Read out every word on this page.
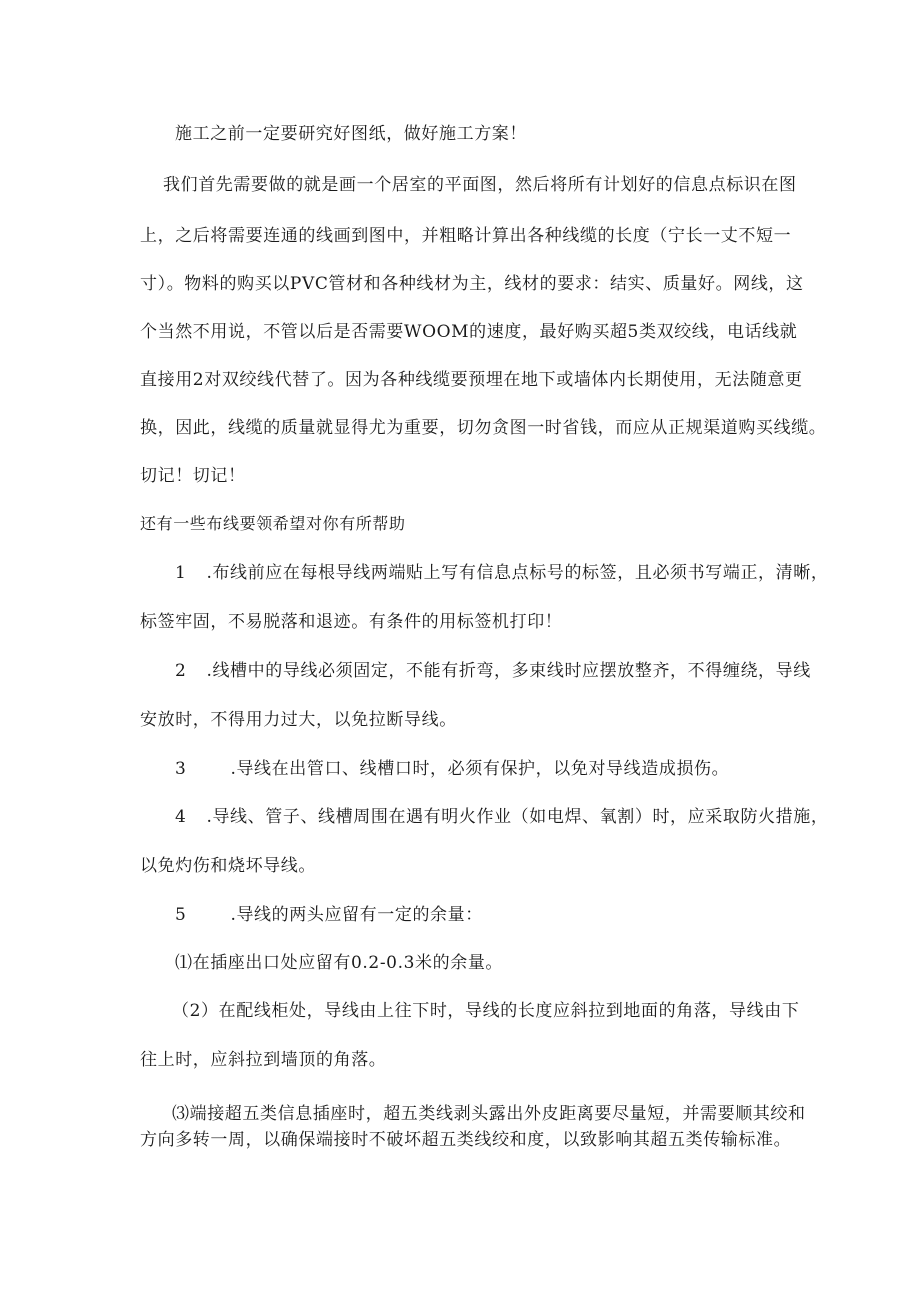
施工之前一定要研究好图纸，做好施工方案！
我们首先需要做的就是画一个居室的平面图，然后将所有计划好的信息点标识在图
上，之后将需要连通的线画到图中，并粗略计算出各种线缆的长度（宁长一丈不短一
寸）。物料的购买以PVC管材和各种线材为主，线材的要求：结实、质量好。网线，这
个当然不用说，不管以后是否需要WOOM的速度，最好购买超5类双绞线，电话线就
直接用2对双绞线代替了。因为各种线缆要预埋在地下或墙体内长期使用，无法随意更
换，因此，线缆的质量就显得尤为重要，切勿贪图一时省钱，而应从正规渠道购买线缆。
切记！切记！
还有一些布线要领希望对你有所帮助
1 .布线前应在每根导线两端贴上写有信息点标号的标签，且必须书写端正，清晰，
标签牢固，不易脱落和退迹。有条件的用标签机打印！
2 .线槽中的导线必须固定，不能有折弯，多束线时应摆放整齐，不得缠绕，导线
安放时，不得用力过大，以免拉断导线。
3	.导线在出管口、线槽口时，必须有保护，以免对导线造成损伤。
4 .导线、管子、线槽周围在遇有明火作业（如电焊、氧割）时，应采取防火措施，
以免灼伤和烧坏导线。
5	.导线的两头应留有一定的余量：
⑴在插座出口处应留有0.2-0.3米的余量。
（2）在配线柜处，导线由上往下时，导线的长度应斜拉到地面的角落，导线由下
往上时，应斜拉到墙顶的角落。
⑶端接超五类信息插座时，超五类线剥头露出外皮距离要尽量短，并需要顺其绞和
方向多转一周，以确保端接时不破坏超五类线绞和度，以致影响其超五类传输标准。
